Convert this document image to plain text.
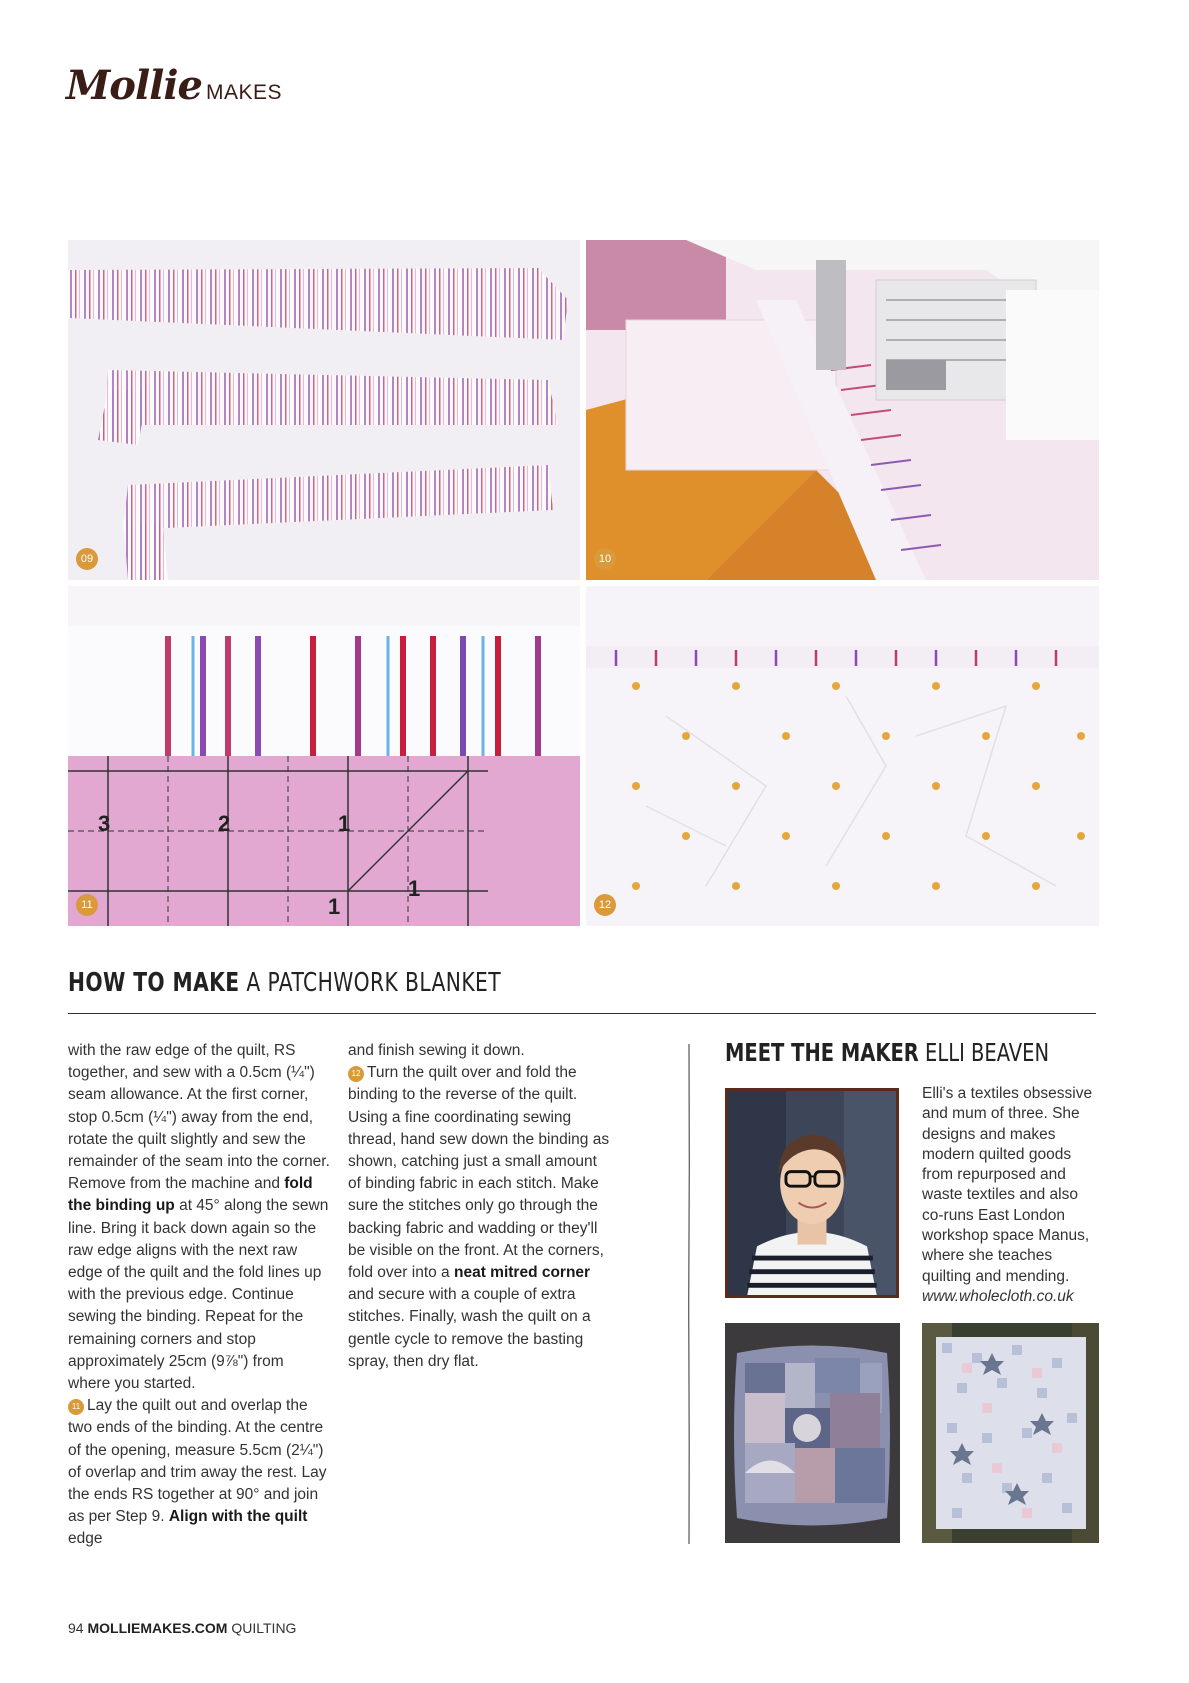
Mollie MAKES
09	10
3	2	1
1
1
11	12
HOW TO MAKE A PATCHWORK BLANKET

with the raw edge of the quilt, RS together, and sew with a 0.5cm (¼") seam allowance. At the first corner, stop 0.5cm (¼") away from the end, rotate the quilt slightly and sew the remainder of the seam into the corner. Remove from the machine and fold the binding up at 45° along the sewn line. Bring it back down again so the raw edge aligns with the next raw edge of the quilt and the fold lines up with the previous edge. Continue sewing the binding. Repeat for the remaining corners and stop approximately 25cm (9⅞") from where you started.

11 Lay the quilt out and overlap the two ends of the binding. At the centre of the opening, measure 5.5cm (2¼") of overlap and trim away the rest. Lay the ends RS together at 90° and join as per Step 9. Align with the quilt edge

and finish sewing it down.

12 Turn the quilt over and fold the binding to the reverse of the quilt. Using a fine coordinating sewing thread, hand sew down the binding as shown, catching just a small amount of binding fabric in each stitch. Make sure the stitches only go through the backing fabric and wadding or they'll be visible on the front. At the corners, fold over into a neat mitred corner and secure with a couple of extra stitches. Finally, wash the quilt on a gentle cycle to remove the basting spray, then dry flat.

MEET THE MAKER ELLI BEAVEN
Elli's a textiles obsessive and mum of three. She designs and makes modern quilted goods from repurposed and waste textiles and also co-runs East London workshop space Manus, where she teaches quilting and mending. www.wholecloth.co.uk
94 MOLLIEMAKES.COM QUILTING
